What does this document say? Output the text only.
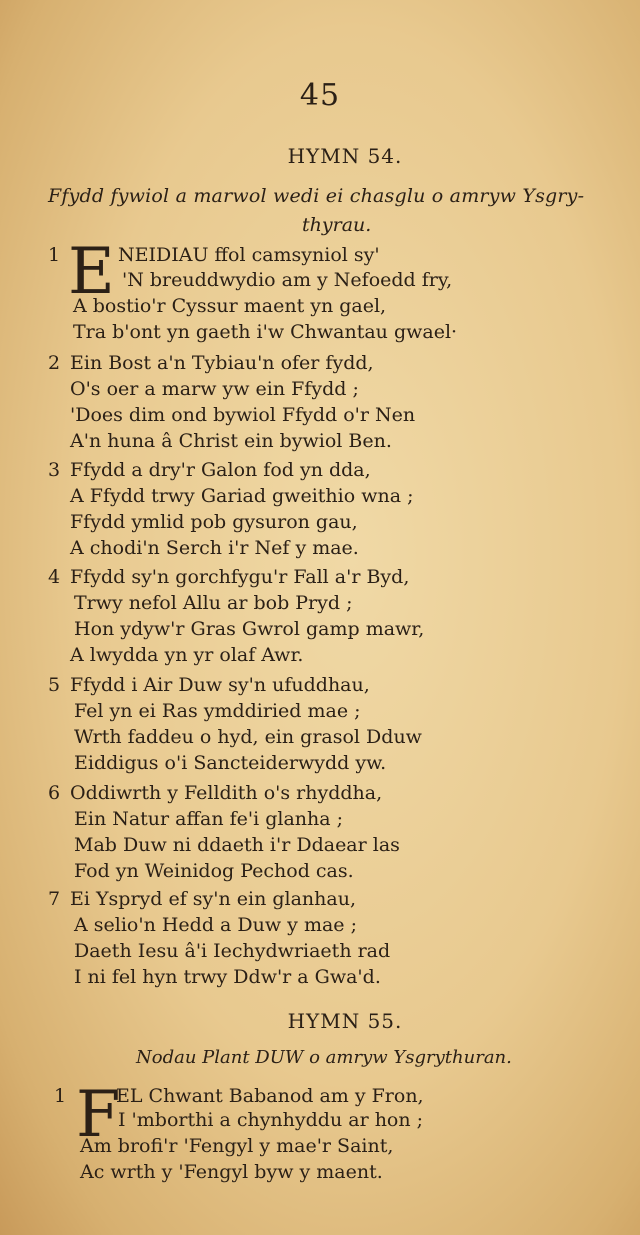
45
HYMN 54.
Ffydd fywiol a marwol wedi ei chasglu o amryw Ysgry-
thyrau.
1 E NEIDIAU ffol camsyniol sy'
'N breuddwydio am y Nefoedd fry,
A bostio'r Cyssur maent yn gael,
Tra b'ont yn gaeth i'w Chwantau gwael·
2 Ein Bost a'n Tybiau'n ofer fydd,
O's oer a marw yw ein Ffydd ;
'Does dim ond bywiol Ffydd o'r Nen
A'n huna â Christ ein bywiol Ben.
3 Ffydd a dry'r Galon fod yn dda,
A Ffydd trwy Gariad gweithio wna ;
Ffydd ymlid pob gysuron gau,
A chodi'n Serch i'r Nef y mae.
4 Ffydd sy'n gorchfygu'r Fall a'r Byd,
Trwy nefol Allu ar bob Pryd ;
Hon ydyw'r Gras Gwrol gamp mawr,
A lwydda yn yr olaf Awr.
5 Ffydd i Air Duw sy'n ufuddhau,
Fel yn ei Ras ymddiried mae ;
Wrth faddeu o hyd, ein grasol Dduw
Eiddigus o'i Sancteiderwydd yw.
6 Oddiwrth y Felldith o's rhyddha,
Ein Natur affan fe'i glanha ;
Mab Duw ni ddaeth i'r Ddaear las
Fod yn Weinidog Pechod cas.
7 Ei Yspryd ef sy'n ein glanhau,
A selio'n Hedd a Duw y mae ;
Daeth Iesu â'i Iechydwriaeth rad
I ni fel hyn trwy Ddw'r a Gwa'd.
HYMN 55.
Nodau Plant DUW o amryw Ysgrythuran.
1 F
EL Chwant Babanod am y Fron,
I 'mborthi a chynhyddu ar hon ;
Am brofi'r 'Fengyl y mae'r Saint,
Ac wrth y 'Fengyl byw y maent.
